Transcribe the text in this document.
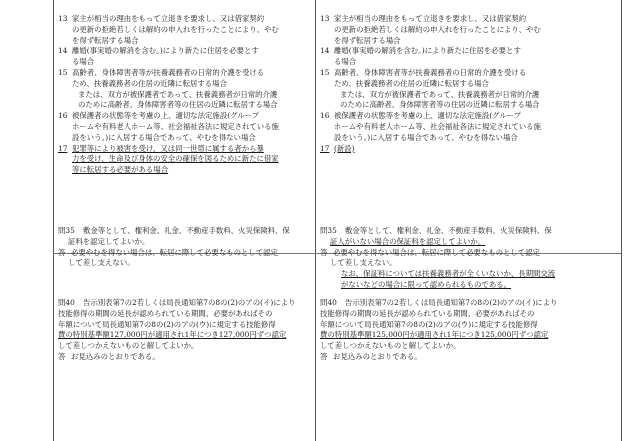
13 家主が相当の理由をもって立退きを要求し、又は借家契約
の更新の拒絶若しくは解約の申入れを行ったことにより、やむ
を得ず転居する場合
14 離婚(事実婚の解消を含む。)により新たに住居を必要とす
る場合
15 高齢者、身体障害者等が扶養義務者の日常的介護を受ける
ため、扶養義務者の住居の近隣に転居する場合
または、双方が被保護者であって、扶養義務者が日常的介護
のために高齢者、身体障害者等の住居の近隣に転居する場合
16 被保護者の状態等を考慮の上、適切な法定施設(グループ
ホームや有料老人ホーム等、社会福祉各法に規定されている施
設をいう。)に入居する場合であって、やむを得ない場合
17 犯罪等により被害を受け、又は同一世帯に属する者から暴
力を受け、生命及び身体の安全の確保を図るために新たに借家
等に転居する必要がある場合
問35	敷金等として、権利金、礼金、不動産手数料、火災保険料、保
証料を認定してよいか。
答 必要やむを得ない場合は、転居に際して必要なものとして認定
して差し支えない。
問40	告示別表第7の2若しくは局長通知第7の8の(2)のアの(イ)により
技能修得の期間の延長が認められている期間、必要があればその
年額について局長通知第7の8の(2)のアの(ウ)に規定する技能修得
費の特別基準額127,000円が適用され1年につき127,000円ずつ認定
して差しつかえないものと解してよいか。
答 お見込みのとおりである。
13 家主が相当の理由をもって立退きを要求し、又は借家契約
の更新の拒絶若しくは解約の申入れを行ったことにより、やむ
を得ず転居する場合
14 離婚(事実婚の解消を含む。)により新たに住居を必要とす
る場合
15 高齢者、身体障害者等が扶養義務者の日常的介護を受ける
ため、扶養義務者の住居の近隣に転居する場合
または、双方が被保護者であって、扶養義務者が日常的介護
のために高齢者、身体障害者等の住居の近隣に転居する場合
16 被保護者の状態等を考慮の上、適切な法定施設(グループ
ホームや有料老人ホーム等、社会福祉各法に規定されている施
設をいう。)に入居する場合であって、やむを得ない場合
17 (新設)
問35	敷金等として、権利金、礼金、不動産手数料、火災保険料、保
証人がいない場合の保証料を認定してよいか。
答 必要やむを得ない場合は、転居に際して必要なものとして認定
して差し支えない。
なお、保証料については扶養義務者が全くいないか、長期間交流
がないなどの場合に限って認められるものである。
問40	告示別表第7の2若しくは局長通知第7の8の(2)のアの(イ)により
技能修得の期間の延長が認められている期間、必要があればその
年額について局長通知第7の8の(2)のアの(ウ)に規定する技能修得
費の特別基準額125,000円が適用され1年につき125,000円ずつ認定
して差しつかえないものと解してよいか。
答 お見込みのとおりである。
